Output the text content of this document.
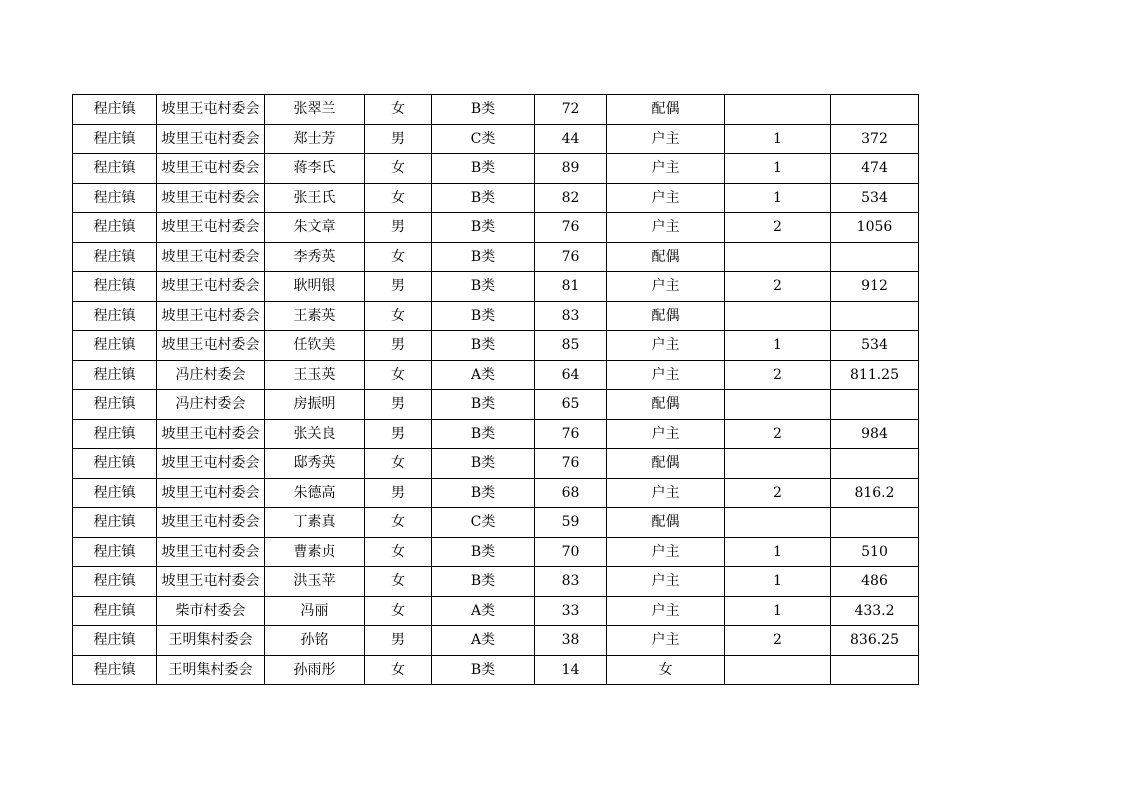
程庄镇	坡里王屯村委会	张翠兰	女	B类	72	配偶		
程庄镇	坡里王屯村委会	郑士芳	男	C类	44	户主	1	372
程庄镇	坡里王屯村委会	蒋李氏	女	B类	89	户主	1	474
程庄镇	坡里王屯村委会	张王氏	女	B类	82	户主	1	534
程庄镇	坡里王屯村委会	朱文章	男	B类	76	户主	2	1056
程庄镇	坡里王屯村委会	李秀英	女	B类	76	配偶		
程庄镇	坡里王屯村委会	耿明银	男	B类	81	户主	2	912
程庄镇	坡里王屯村委会	王素英	女	B类	83	配偶		
程庄镇	坡里王屯村委会	任钦美	男	B类	85	户主	1	534
程庄镇	冯庄村委会	王玉英	女	A类	64	户主	2	811.25
程庄镇	冯庄村委会	房振明	男	B类	65	配偶		
程庄镇	坡里王屯村委会	张关良	男	B类	76	户主	2	984
程庄镇	坡里王屯村委会	邸秀英	女	B类	76	配偶		
程庄镇	坡里王屯村委会	朱德高	男	B类	68	户主	2	816.2
程庄镇	坡里王屯村委会	丁素真	女	C类	59	配偶		
程庄镇	坡里王屯村委会	曹素贞	女	B类	70	户主	1	510
程庄镇	坡里王屯村委会	洪玉苹	女	B类	83	户主	1	486
程庄镇	柴市村委会	冯丽	女	A类	33	户主	1	433.2
程庄镇	王明集村委会	孙铭	男	A类	38	户主	2	836.25
程庄镇	王明集村委会	孙雨彤	女	B类	14	女		
